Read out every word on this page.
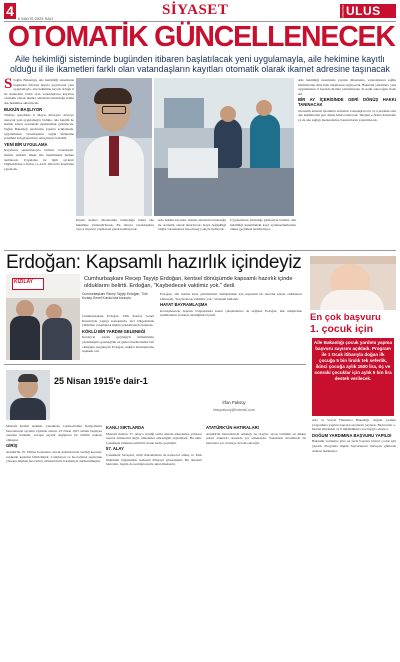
4	6 MAYIS 2025 SALI
SİYASET	KARAMAN ULUS
OTOMATİK GÜNCELLENECEK
Aile hekimliği sisteminde bugünden itibaren başlatılacak yeni uygulamayla, aile hekimine kayıtlı olduğu il ile ikametleri farklı olan vatandaşların kayıtları otomatik olarak ikamet adresine taşınacak

S Sağlık Bakanlığı, aile hekimliği sisteminde bugünden itibaren hayata geçirilecek yeni uygulamayla, aile hekimine kayıtlı olduğu il ile ikametleri farklı olan vatandaşların kayıtları otomatik olarak ikamet adresinin bulunduğu ildeki aile hekimine aktarılacak.

BUGÜN BAŞLIYOR

Türkiye genelinde 6 Mayıs itibarıyla devreye alınacak yeni uygulamayla birlikte, aile hekimi ile ikamet adresi arasındaki uyumsuzluk giderilecek. Sağlık Bakanlığı tarafından yapılan açıklamada, uygulamanın vatandaşların sağlık hizmetine erişimini kolaylaştırmayı amaçladığı belirtildi.

YENİ BİR UYGULAMA

Kayıtların aktarılmasıyla birlikte vatandaşlar, ikamet ettikleri ildeki aile hekiminden hizmet alabilecek. Uygulama ile ilgili ayrıntılı bilgilendirme e-Nabız ve ALO 184 hattı üzerinden yapılacak.

Kişiler ikamet adreslerinin bulunduğu ildeki aile hekimine yönlendirilecek. Bu süreçte vatandaşların ayrıca başvuru yapmasına gerek kalmayacak.

Aile hekimi kayıtları, ikamet adresinin bulunduğu ile otomatik olarak aktarılacak. Kayıt değişikliği bilgisi vatandaşlara kısa mesaj yoluyla iletilecek.

Uygulamanın yürürlüğe girmesiyle birlikte, aile hekimliği sistemindeki kayıt uyumsuzluklarının önüne geçilmesi hedefleniyor.

Aile hekimliği sisteminde yapılan düzenleme, vatandaşların sağlık hizmetlerine daha hızlı ulaşmasını sağlayacak. Bakanlık yetkilileri, yeni uygulamanın il bazında hizmet planlamasına da katkı sunacağını ifade etti.

BİR AY İÇERİSİNDE GERİ DÖNÜŞ HAKKI TANINACAK

Otomatik aktarım işleminin ardından vatandaşlara bir ay içerisinde eski aile hekimlerine geri dönüş hakkı tanınacak. Talepler e-Nabız üzerinden ya da aile sağlığı merkezlerine başvurularak yapılabilecek.

Erdoğan: Kapsamlı hazırlık içindeyiz
Cumhurbaşkanı Recep Tayyip Erdoğan, kentsel dönüşümde kapsamlı hazırlık içinde olduklarını belirtti. Erdoğan, "Kaybedecek vaktimiz yok." dedi.
KIZILAY
Cumhurbaşkanı Recep Tayyip Erdoğan, Türk Kızılay Genel Kurulu'nda konuştu.

Cumhurbaşkanı Erdoğan, Türk Kızılay Genel Kurulu'nda yaptığı konuşmada, afet bölgelerinde yürütülen çalışmalara ilişkin açıklamalarda bulundu.

KÖKLÜ BİR YARDIM GELENEĞİ

Kızılay'ın asırlık geçmişiyle milletimizin yardımlaşma geleneğinin en güzel örneklerinden biri olduğunu vurgulayan Erdoğan, teşkilat mensuplarına teşekkür etti.

Erdoğan, afet riskine karşı şehirlerimizi dönüştürmek için kapsamlı bir hazırlık içinde olduklarını belirterek, "Kaybedecek vaktimiz yok." ifadesini kullandı.

HAYAT BAYRAMLAŞMA

Konuşmasında deprem bölgesindeki konut çalışmalarına da değinen Erdoğan, hak sahiplerine teslimatların aralıksız sürdüğünü söyledi.	En çok başvuru
1. çocuk için
Aile Bakanlığı çocuk yardımı yapma başvuru sayısını açıkladı. Program ile 1 Ocak itibarıyla doğan ilk çocuğa 5 bin liralık tek seferlik, ikinci çocuğa aylık 1500 lira, üç ve sonraki çocuklar için aylık 5 bin lira destek verilecek.

Aile ve Sosyal Hizmetler Bakanlığı, doğum yardımı programına yapılan başvuru sayılarını paylaştı. Başvurular e-Devlet üzerinden ve il müdürlükleri aracılığıyla alınıyor.

DOĞUM YARDIMINA BAŞVURU YAPILDI

Bakanlık verilerine göre en fazla başvuru birinci çocuk için yapıldı. Programa ilişkin başvuruların ilerleyen günlerde artması bekleniyor.

25 Nisan 1915'e dair-1
İrfan Paksoy
irfanpaksoy@hotmail.com

Mustafa Kemal Atatürk, Çanakkale Cephesi'ndeki faaliyetlerini hatıralarında ayrıntılı biçimde anlatır. 25 Nisan 1915 sabahı başlayan çıkarma harekâtı, savaşın seyrini değiştiren bir dönüm noktası olmuştur.

GİRİŞ

Atatürk'ün 19. Tümen Komutanı olarak Arıburnu'nda verdiği kararlar, cephenin kaderini belirlemiştir. Conkbayırı ve Kocaçimen tepelerine yönelen düşman kuvvetleri, tümenin hızlı hareketiyle durdurulmuştur.

KANLI SIRTLARDA

Mustafa Kemal, 57. Alay'a verdiği tarihi emirde askerlerine yalnızca taarruz etmelerini değil, ölmelerini emrettiğini söylemiştir. Bu emir, Çanakkale ruhunun sembolü olarak tarihe geçmiştir.

57. ALAY

Çanakkale Savaşları, milli mücadelenin de habercisi olmuş ve Türk milletinin bağımsızlık iradesini dünyaya göstermiştir. Bu destanın hatıraları, bugün de nesilden nesile aktarılmaktadır.

ATATÜRK'ÜN HATIRALARI

Atatürk'ün hatıralarında anlattığı bu olaylar, savaş tarihinin en dikkat çekici anlatıları arasında yer almaktadır. Yazımızın devamında bu hatıralara yer vermeye devam edeceğiz.
